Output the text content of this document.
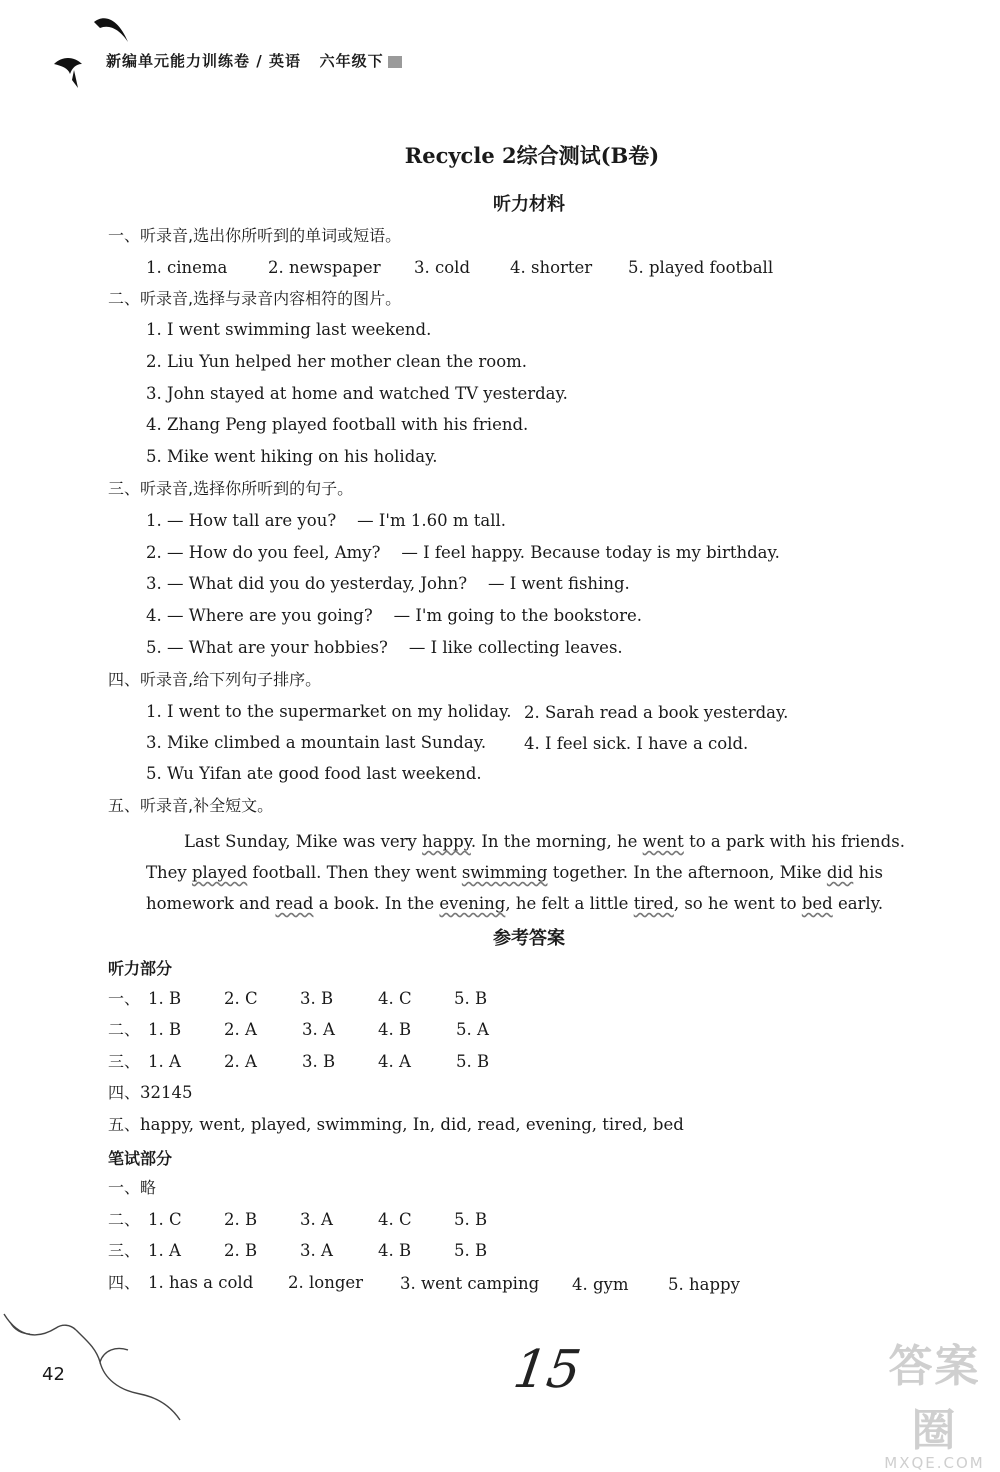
新编单元能力训练卷 / 英语 六年级下
Recycle 2综合测试(B卷)
听力材料
一、听录音,选出你所听到的单词或短语。
1. cinema 2. newspaper 3. cold 4. shorter 5. played football
二、听录音,选择与录音内容相符的图片。
1. I went swimming last weekend.
2. Liu Yun helped her mother clean the room.
3. John stayed at home and watched TV yesterday.
4. Zhang Peng played football with his friend.
5. Mike went hiking on his holiday.
三、听录音,选择你所听到的句子。
1. — How tall are you? — I'm 1.60 m tall.
2. — How do you feel, Amy? — I feel happy. Because today is my birthday.
3. — What did you do yesterday, John? — I went fishing.
4. — Where are you going? — I'm going to the bookstore.
5. — What are your hobbies? — I like collecting leaves.
四、听录音,给下列句子排序。
1. I went to the supermarket on my holiday. 2. Sarah read a book yesterday.
3. Mike climbed a mountain last Sunday. 4. I feel sick. I have a cold.
5. Wu Yifan ate good food last weekend.
五、听录音,补全短文。
Last Sunday, Mike was very happy. In the morning, he went to a park with his friends. They played football. Then they went swimming together. In the afternoon, Mike did his homework and read a book. In the evening, he felt a little tired, so he went to bed early.
参考答案
听力部分
一、 1. B	2. C	3. B	4. C	5. B
二、 1. B	2. A	3. A	4. B	5. A
三、 1. A	2. A	3. B	4. A	5. B
四、32145
五、happy, went, played, swimming, In, did, read, evening, tired, bed
笔试部分
一、略
二、 1. C	2. B	3. A	4. C	5. B
三、 1. A	2. B	3. A	4. B	5. B
四、 1. has a cold 2. longer 3. went camping 4. gym 5. happy
42	15	答案圈
MXQE.COM
